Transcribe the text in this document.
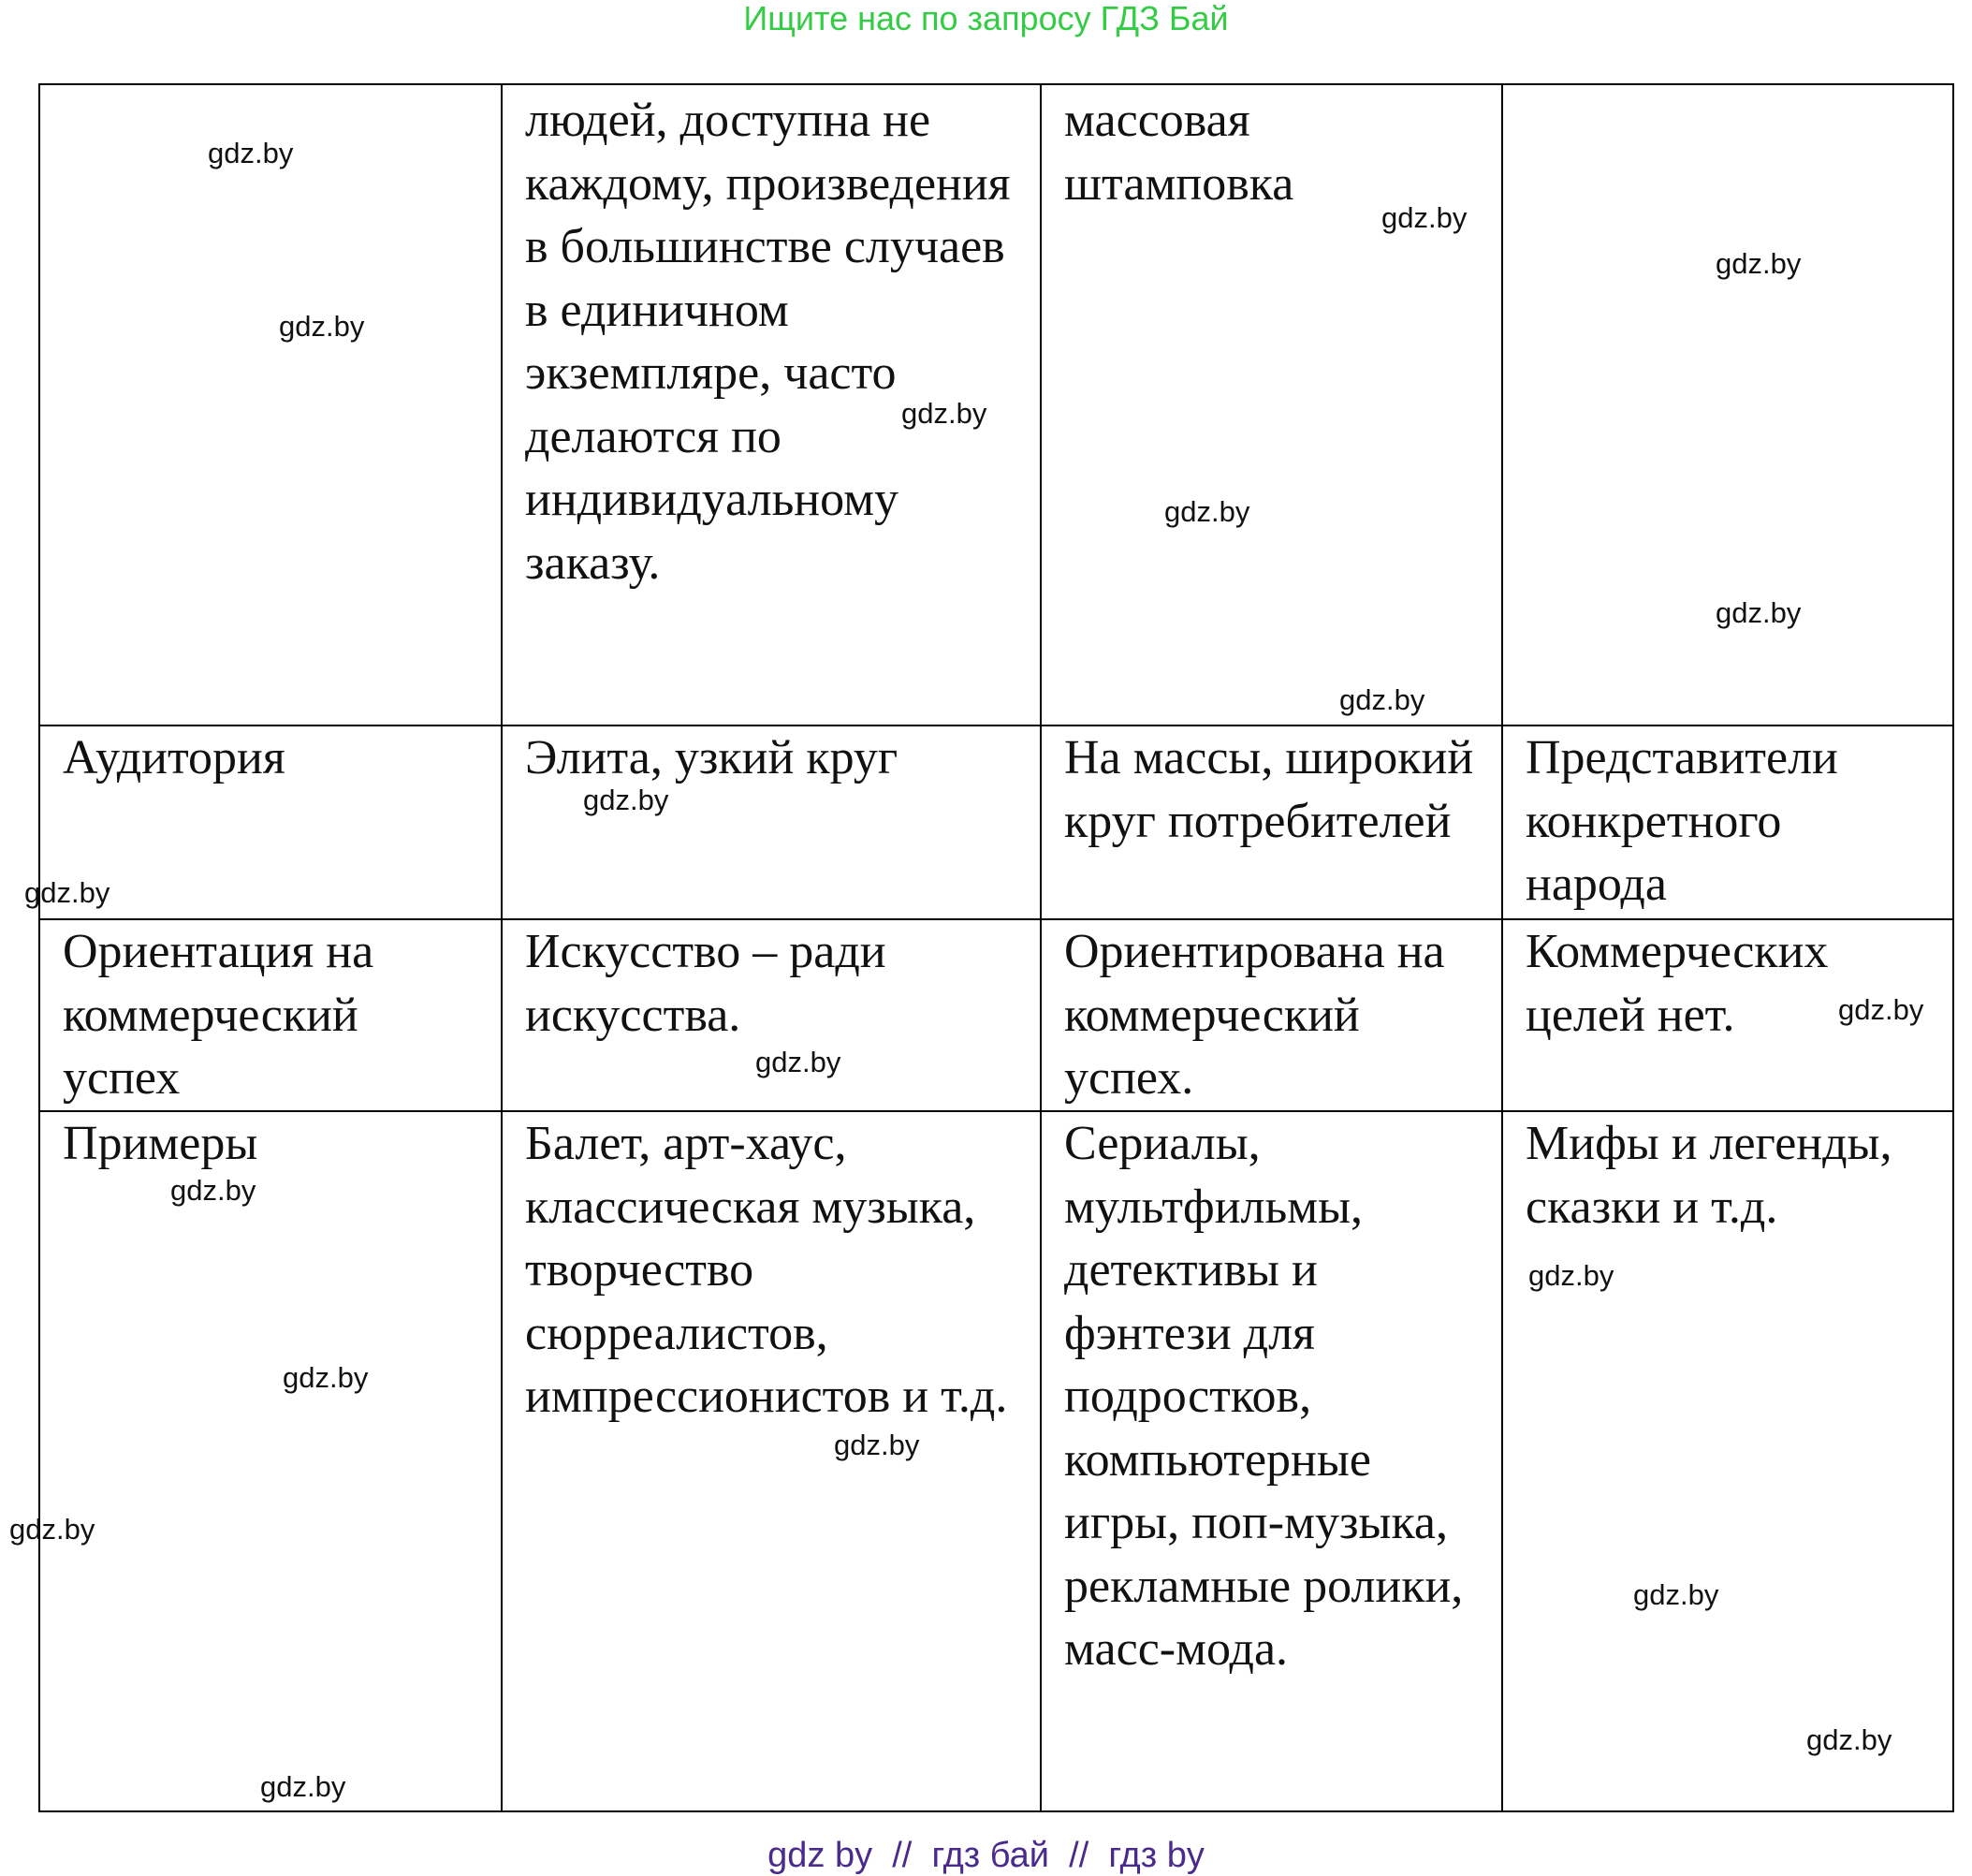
Ищите нас по запросу ГДЗ Бай

	людей, доступна не каждому, произведения в большинстве случаев в единичном экземпляре, часто делаются по индивидуальному заказу.	массовая штамповка	

Аудитория	Элита, узкий круг	На массы, широкий круг потребителей	Представители конкретного народа

Ориентация на коммерческий успех	Искусство – ради искусства.	Ориентирована на коммерческий успех.	Коммерческих целей нет.

Примеры	Балет, арт-хаус, классическая музыка, творчество сюрреалистов, импрессионистов и т.д.	Сериалы, мультфильмы, детективы и фэнтези для подростков, компьютерные игры, поп-музыка, рекламные ролики, масс-мода.	Мифы и легенды, сказки и т.д.
gdz.by
gdz.by
gdz.by
gdz.by
gdz.by
gdz.by
gdz.by
gdz.by
gdz.by
gdz.by
gdz.by
gdz.by
gdz.by
gdz.by
gdz.by
gdz.by
gdz.by
gdz.by
gdz.by
gdz.by
gdz by  //  гдз бай  //  гдз by
